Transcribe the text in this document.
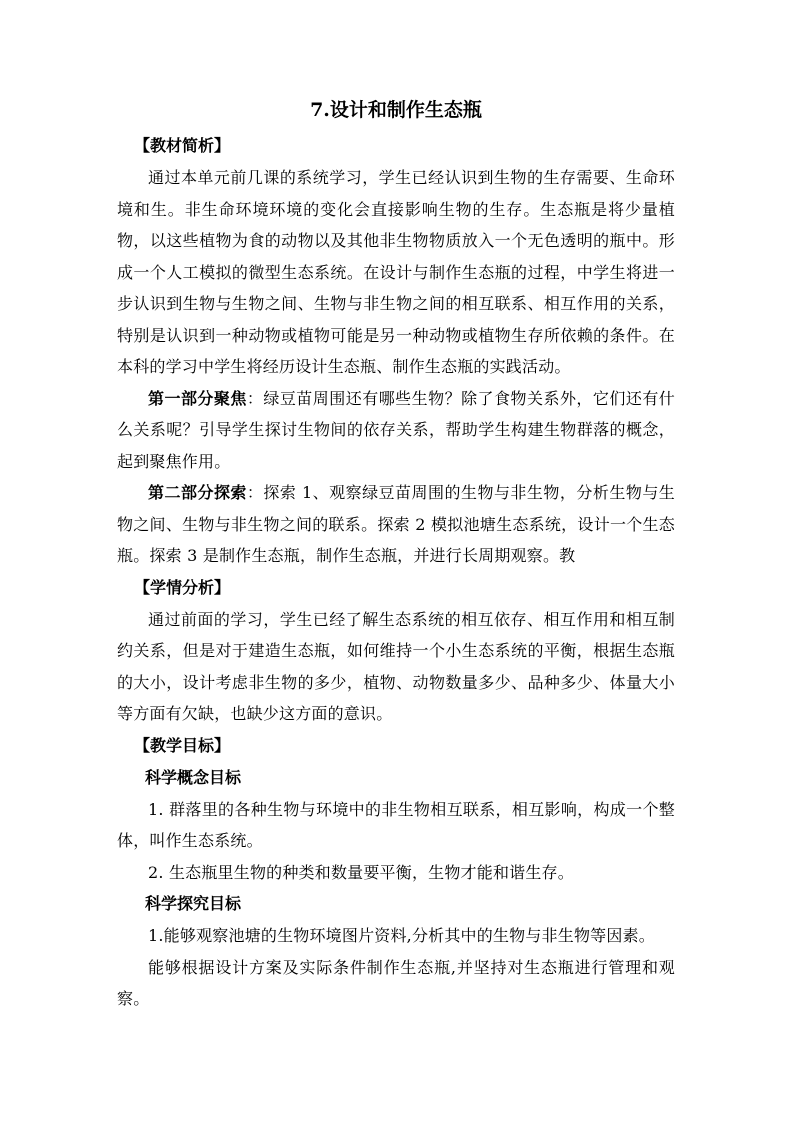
7.设计和制作生态瓶

【教材简析】

通过本单元前几课的系统学习，学生已经认识到生物的生存需要、生命环境和生。非生命环境环境的变化会直接影响生物的生存。生态瓶是将少量植物，以这些植物为食的动物以及其他非生物物质放入一个无色透明的瓶中。形成一个人工模拟的微型生态系统。在设计与制作生态瓶的过程，中学生将进一步认识到生物与生物之间、生物与非生物之间的相互联系、相互作用的关系，特别是认识到一种动物或植物可能是另一种动物或植物生存所依赖的条件。在本科的学习中学生将经历设计生态瓶、制作生态瓶的实践活动。

第一部分聚焦：绿豆苗周围还有哪些生物？除了食物关系外，它们还有什么关系呢？引导学生探讨生物间的依存关系，帮助学生构建生物群落的概念，起到聚焦作用。

第二部分探索：探索 1、观察绿豆苗周围的生物与非生物，分析生物与生物之间、生物与非生物之间的联系。探索 2 模拟池塘生态系统，设计一个生态瓶。探索 3 是制作生态瓶，制作生态瓶，并进行长周期观察。教

【学情分析】

通过前面的学习，学生已经了解生态系统的相互依存、相互作用和相互制约关系，但是对于建造生态瓶，如何维持一个小生态系统的平衡，根据生态瓶的大小，设计考虑非生物的多少，植物、动物数量多少、品种多少、体量大小等方面有欠缺，也缺少这方面的意识。

【教学目标】

科学概念目标

1. 群落里的各种生物与环境中的非生物相互联系，相互影响，构成一个整体，叫作生态系统。

2. 生态瓶里生物的种类和数量要平衡，生物才能和谐生存。

科学探究目标

1.能够观察池塘的生物环境图片资料,分析其中的生物与非生物等因素。

能够根据设计方案及实际条件制作生态瓶,并坚持对生态瓶进行管理和观察。
